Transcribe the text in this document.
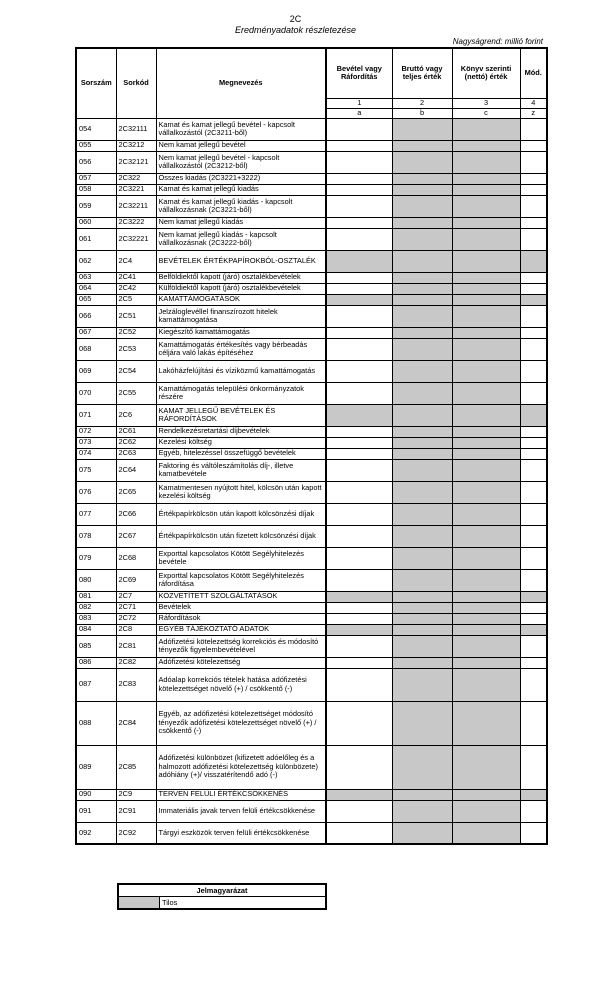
2C
Eredményadatok részletezése
Nagyságrend: millió forint
Sorszám	Sorkód	Megnevezés	Bevétel vagy Ráfordítás	Bruttó vagy teljes érték	Könyv szerinti (nettó) érték	Mód.
			1	2	3	4
			a	b	c	z
054	2C32111	Kamat és kamat jellegű bevétel - kapcsolt vállalkozástól (2C3211-ből)				
055	2C3212	Nem kamat jellegű bevétel				
056	2C32121	Nem kamat jellegű bevétel - kapcsolt vállalkozástól (2C3212-ből)				
057	2C322	Összes kiadás (2C3221+3222)				
058	2C3221	Kamat és kamat jellegű kiadás				
059	2C32211	Kamat és kamat jellegű kiadás - kapcsolt vállalkozásnak (2C3221-ből)				
060	2C3222	Nem kamat jellegű kiadás				
061	2C32221	Nem kamat jellegű kiadás - kapcsolt vállalkozásnak (2C3222-ből)				
062	2C4	BEVÉTELEK ÉRTÉKPAPÍROKBÓL-OSZTALÉK				
063	2C41	Belföldiektől kapott (járó) osztalékbevételek				
064	2C42	Külföldiektől kapott (járó) osztalékbevételek				
065	2C5	KAMATTÁMOGATÁSOK				
066	2C51	Jelzáloglevéllel finanszírozott hitelek kamattámogatása				
067	2C52	Kiegészítő kamattámogatás				
068	2C53	Kamattámogatás értékesítés vagy bérbeadás céljára való lakás építéséhez				
069	2C54	Lakóházfelújítási és víziközmű kamattámogatás				
070	2C55	Kamattámogatás települési önkormányzatok részére				
071	2C6	KAMAT JELLEGŰ BEVÉTELEK ÉS RÁFORDÍTÁSOK				
072	2C61	Rendelkezésretartási díjbevételek				
073	2C62	Kezelési költség				
074	2C63	Egyéb, hitelezéssel összefüggő bevételek				
075	2C64	Faktoring és váltóleszámítolás díj-, illetve kamatbevétele				
076	2C65	Kamatmentesen nyújtott hitel, kölcsön után kapott kezelési költség				
077	2C66	Értékpapírkölcsön után kapott kölcsönzési díjak				
078	2C67	Értékpapírkölcsön után fizetett kölcsönzési díjak				
079	2C68	Exporttal kapcsolatos Kötött Segélyhitelezés bevétele				
080	2C69	Exporttal kapcsolatos Kötött Segélyhitelezés ráfordítása				
081	2C7	KÖZVETÍTETT SZOLGÁLTATÁSOK				
082	2C71	Bevételek				
083	2C72	Ráfordítások				
084	2C8	EGYÉB TÁJÉKOZTATÓ ADATOK				
085	2C81	Adófizetési kötelezettség korrekciós és módosító tényezők figyelembevételével				
086	2C82	Adófizetési kötelezettség				
087	2C83	Adóalap korrekciós tételek hatása adófizetési kötelezettséget növelő (+) / csökkentő (-)				
088	2C84	Egyéb, az adófizetési kötelezettséget módosító tényezők adófizetési kötelezettséget növelő (+) / csökkentő (-)				
089	2C85	Adófizetési különbözet (kifizetett adóelőleg és a halmozott adófizetési kötelezettség különbözete) adóhiány (+)/ visszatérítendő adó (-)				
090	2C9	TERVEN FELÜLI ÉRTÉKCSÖKKENÉS				
091	2C91	Immateriális javak terven felüli értékcsökkenése				
092	2C92	Tárgyi eszközök terven felüli értékcsökkenése				
Jelmagyarázat
	Tilos
